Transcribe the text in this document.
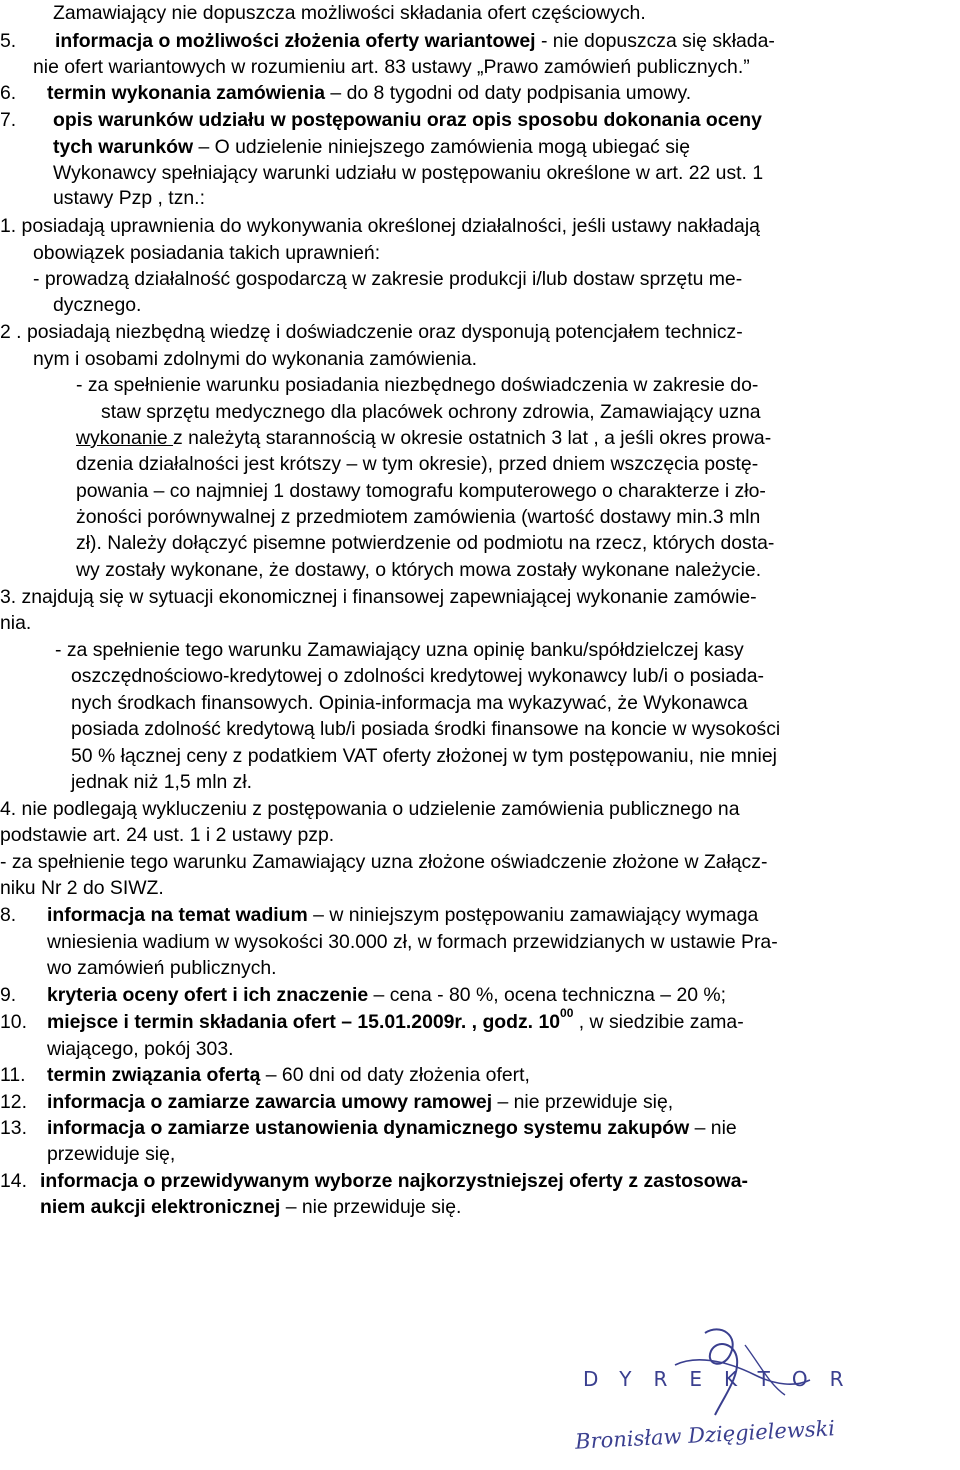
Zamawiający nie dopuszcza możliwości składania ofert częściowych.
5.informacja o możliwości złożenia oferty wariantowej - nie dopuszcza się składa-
nie ofert wariantowych w rozumieniu art. 83 ustawy „Prawo zamówień publicznych.”
6.termin wykonania zamówienia – do 8 tygodni od daty podpisania umowy.
7.opis warunków udziału w postępowaniu oraz opis sposobu dokonania oceny
tych warunków – O udzielenie niniejszego zamówienia mogą ubiegać się
Wykonawcy spełniający warunki udziału w postępowaniu określone w art. 22 ust. 1
ustawy Pzp , tzn.:
1. posiadają uprawnienia do wykonywania określonej działalności, jeśli ustawy nakładają
obowiązek posiadania takich uprawnień:
- prowadzą działalność gospodarczą w zakresie produkcji i/lub dostaw sprzętu me-
dycznego.
2 . posiadają niezbędną wiedzę i doświadczenie oraz dysponują potencjałem technicz-
nym i osobami zdolnymi do wykonania zamówienia.
- za spełnienie warunku posiadania niezbędnego doświadczenia w zakresie do-
staw sprzętu medycznego dla placówek ochrony zdrowia, Zamawiający uzna
wykonanie z należytą starannością w okresie ostatnich 3 lat , a jeśli okres prowa-
dzenia działalności jest krótszy – w tym okresie), przed dniem wszczęcia postę-
powania – co najmniej 1 dostawy tomografu komputerowego o charakterze i zło-
żoności porównywalnej z przedmiotem zamówienia (wartość dostawy min.3 mln
zł). Należy dołączyć pisemne potwierdzenie od podmiotu na rzecz, których dosta-
wy zostały wykonane, że dostawy, o których mowa zostały wykonane należycie.
3. znajdują się w sytuacji ekonomicznej i finansowej zapewniającej wykonanie zamówie-
nia.
- za spełnienie tego warunku Zamawiający uzna opinię banku/spółdzielczej kasy
oszczędnościowo-kredytowej o zdolności kredytowej wykonawcy lub/i o posiada-
nych środkach finansowych. Opinia-informacja ma wykazywać, że Wykonawca
posiada zdolność kredytową lub/i posiada środki finansowe na koncie w wysokości
50 % łącznej ceny z podatkiem VAT oferty złożonej w tym postępowaniu, nie mniej
jednak niż 1,5 mln zł.
4. nie podlegają wykluczeniu z postępowania o udzielenie zamówienia publicznego na
podstawie art. 24 ust. 1 i 2 ustawy pzp.
- za spełnienie tego warunku Zamawiający uzna złożone oświadczenie złożone w Załącz-
niku Nr 2 do SIWZ.
8.informacja na temat wadium – w niniejszym postępowaniu zamawiający wymaga
wniesienia wadium w wysokości 30.000 zł, w formach przewidzianych w ustawie Pra-
wo zamówień publicznych.
9.kryteria oceny ofert i ich znaczenie – cena - 80 %, ocena techniczna – 20 %;
10.miejsce i termin składania ofert – 15.01.2009r. , godz. $10^{00}$ , w siedzibie zama-
wiającego, pokój 303.
11.termin związania ofertą – 60 dni od daty złożenia ofert,
12.informacja o zamiarze zawarcia umowy ramowej – nie przewiduje się,
13.informacja o zamiarze ustanowienia dynamicznego systemu zakupów – nie
przewiduje się,
14.informacja o przewidywanym wyborze najkorzystniejszej oferty z zastosowa-
niem aukcji elektronicznej – nie przewiduje się.
DYREKTOR
Bronisław Dzięgielewski
